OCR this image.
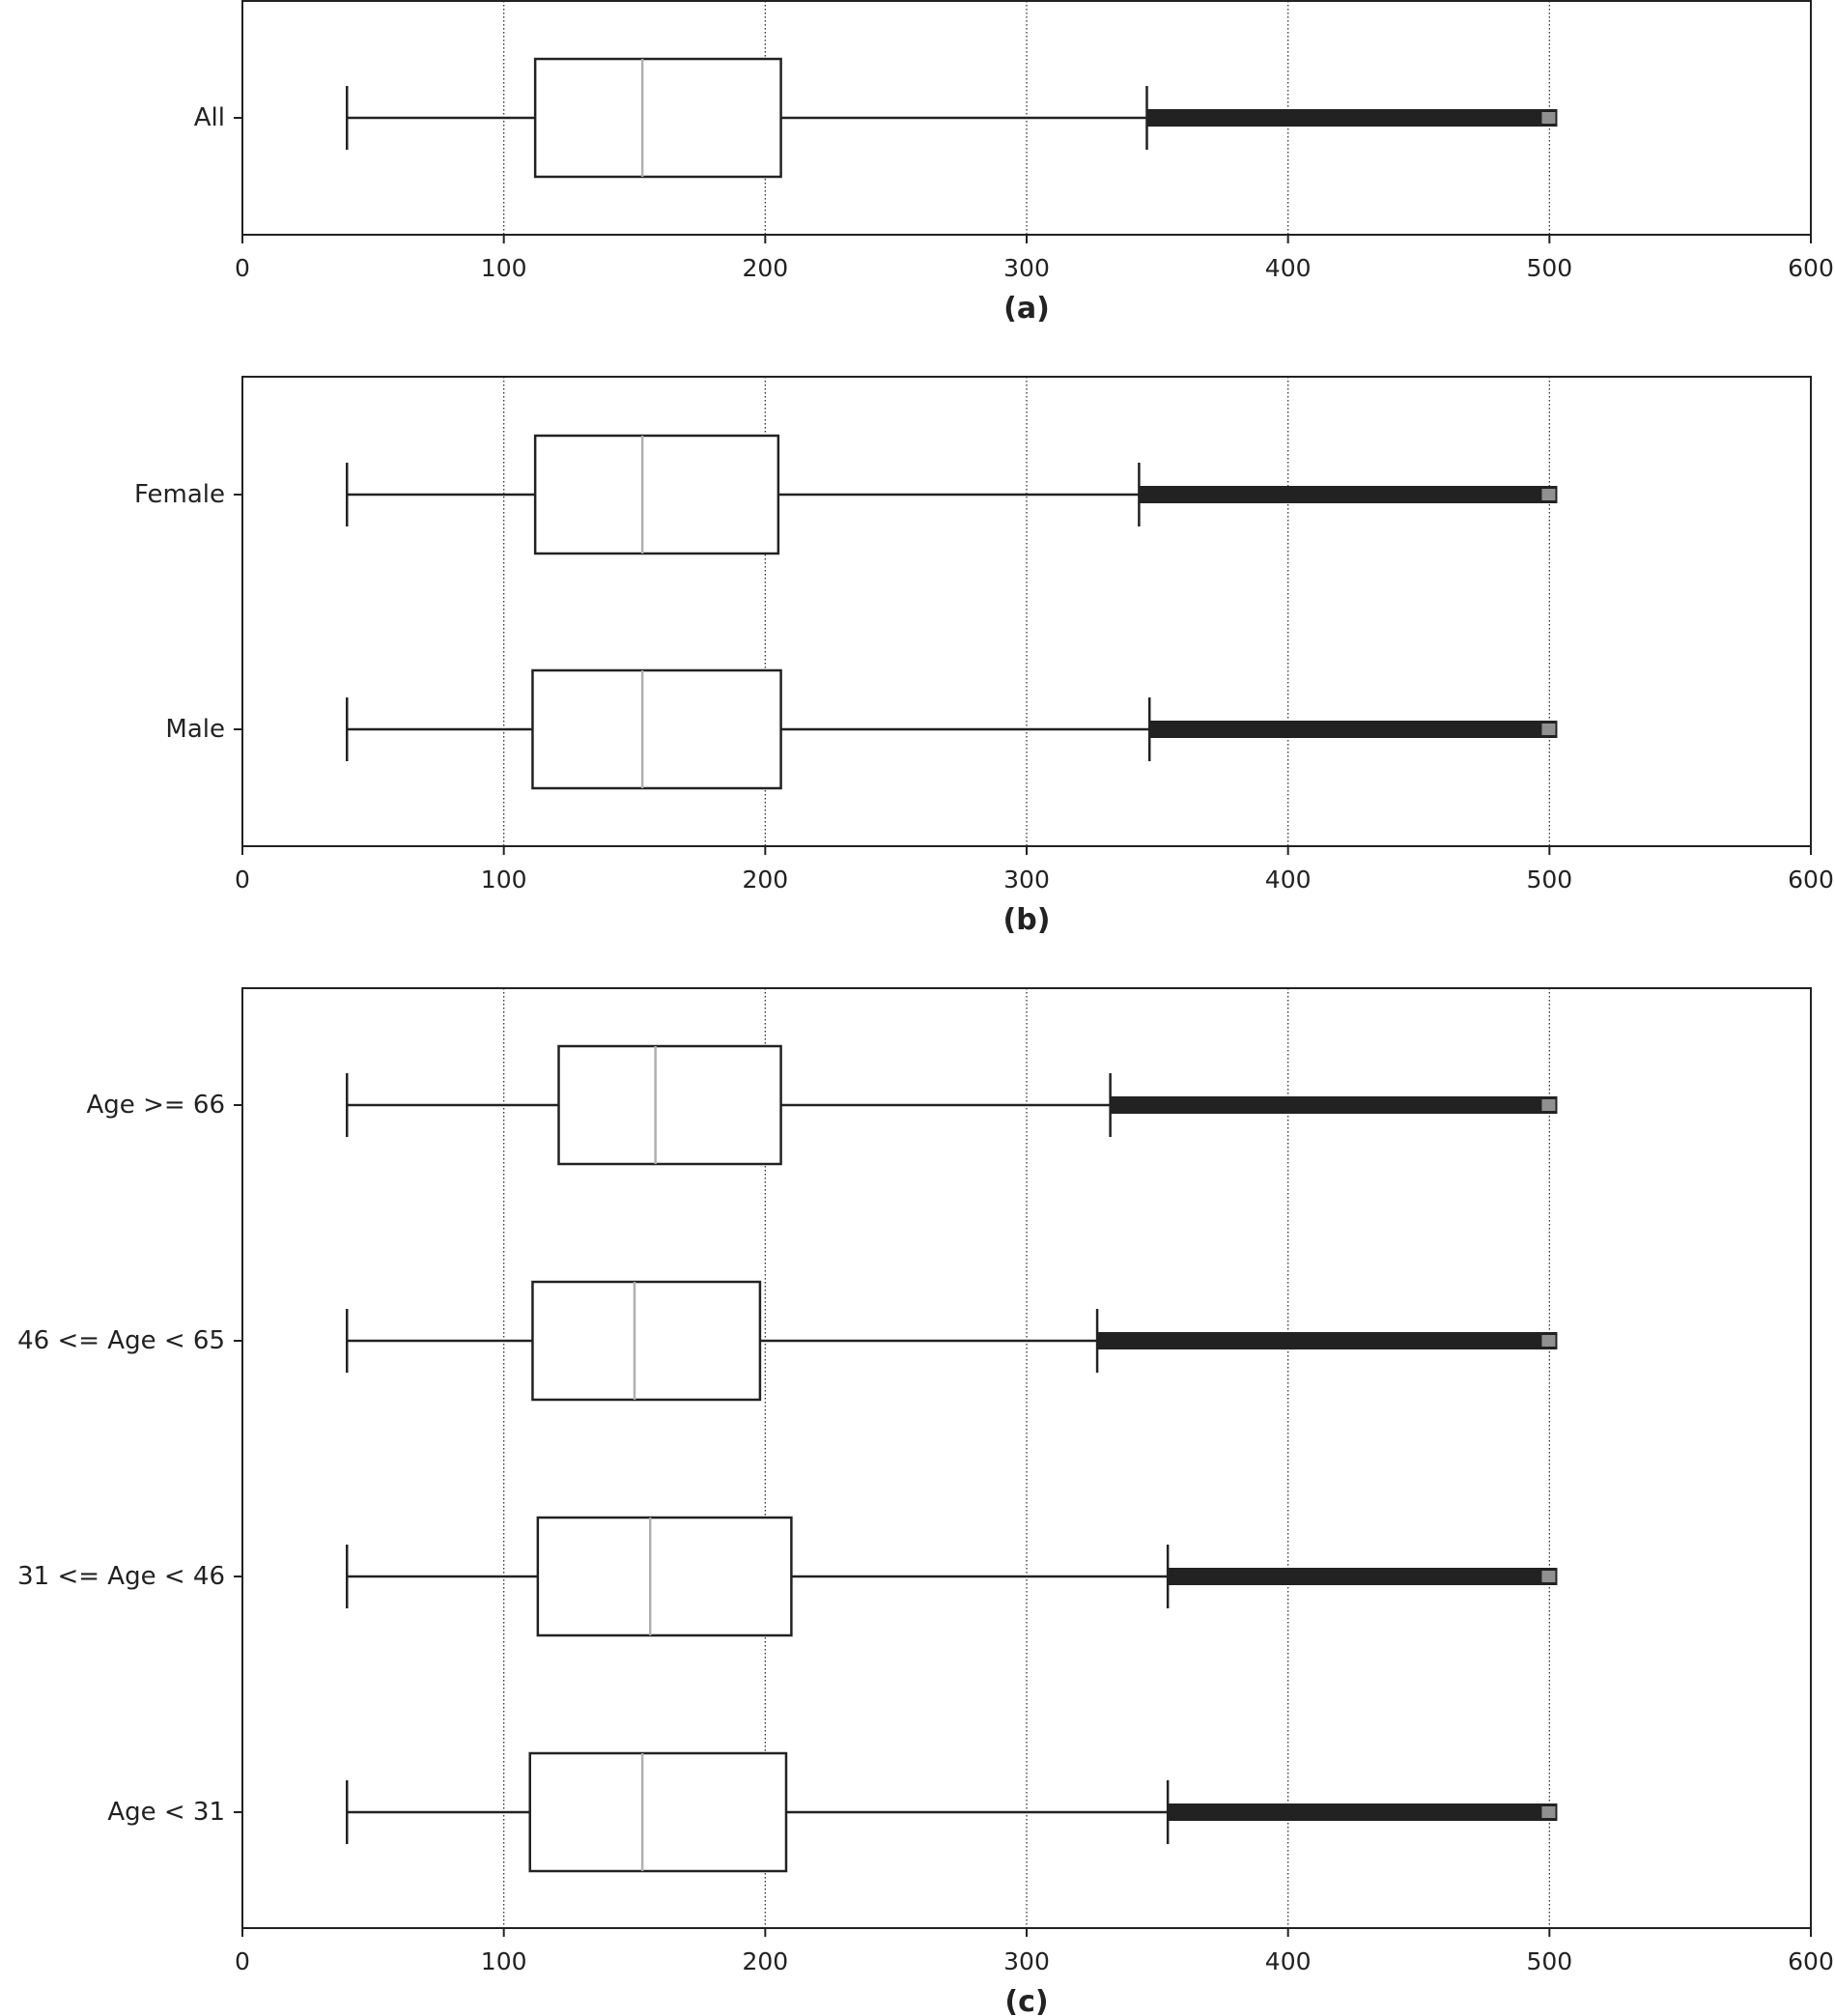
All
0	100	200	300	400	500	600
(a)
Female
Male
0	100	200	300	400	500	600
(b)
Age >= 66
46 <= Age < 65
31 <= Age < 46
Age < 31
0	100	200	300	400	500	600
(c)
